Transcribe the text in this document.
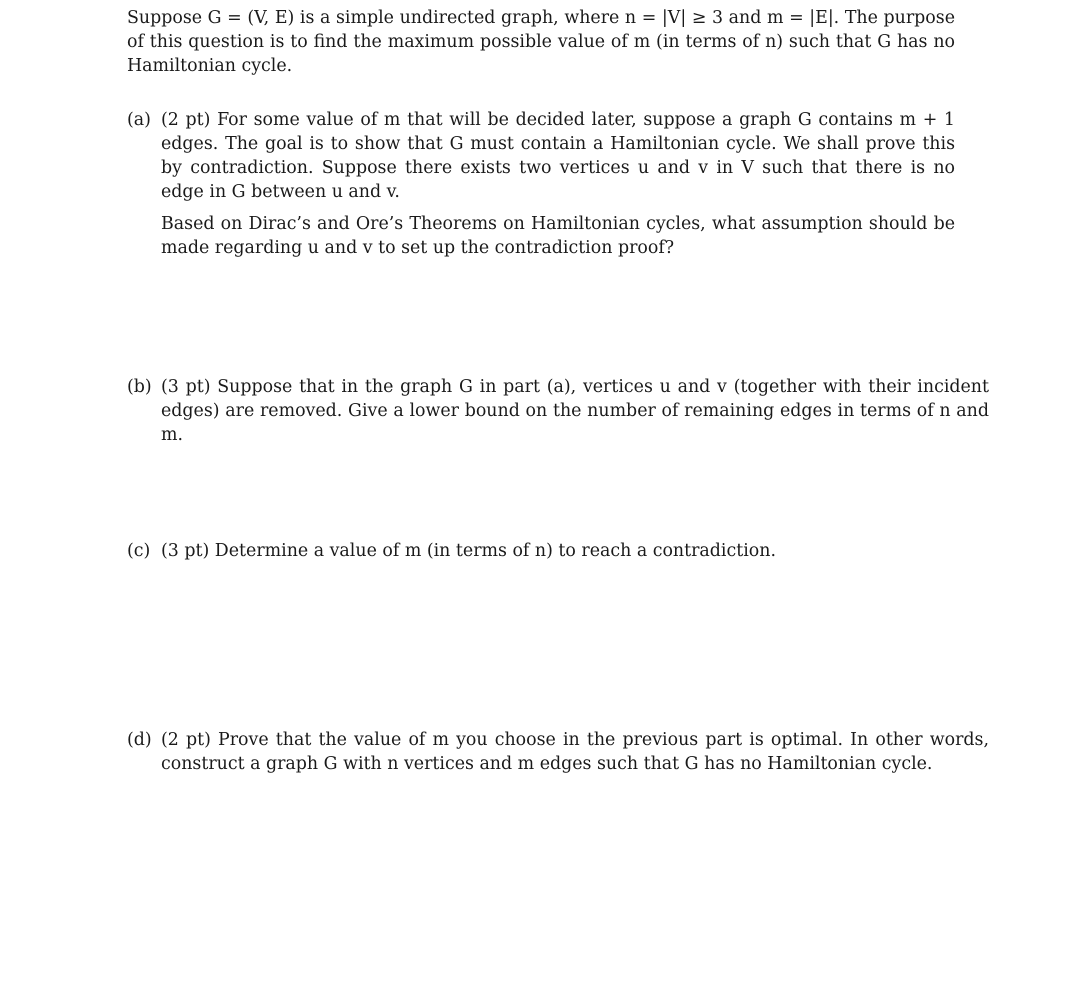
Suppose G = (V, E) is a simple undirected graph, where n = |V| ≥ 3 and m = |E|. The purpose of this question is to find the maximum possible value of m (in terms of n) such that G has no Hamiltonian cycle.

(a) (2 pt) For some value of m that will be decided later, suppose a graph G contains m + 1 edges. The goal is to show that G must contain a Hamiltonian cycle. We shall prove this by contradiction. Suppose there exists two vertices u and v in V such that there is no edge in G between u and v.

Based on Dirac’s and Ore’s Theorems on Hamiltonian cycles, what assumption should be made regarding u and v to set up the contradiction proof?

(b) (3 pt) Suppose that in the graph G in part (a), vertices u and v (together with their incident edges) are removed. Give a lower bound on the number of remaining edges in terms of n and m.

(c) (3 pt) Determine a value of m (in terms of n) to reach a contradiction.

(d) (2 pt) Prove that the value of m you choose in the previous part is optimal. In other words, construct a graph G with n vertices and m edges such that G has no Hamiltonian cycle.
